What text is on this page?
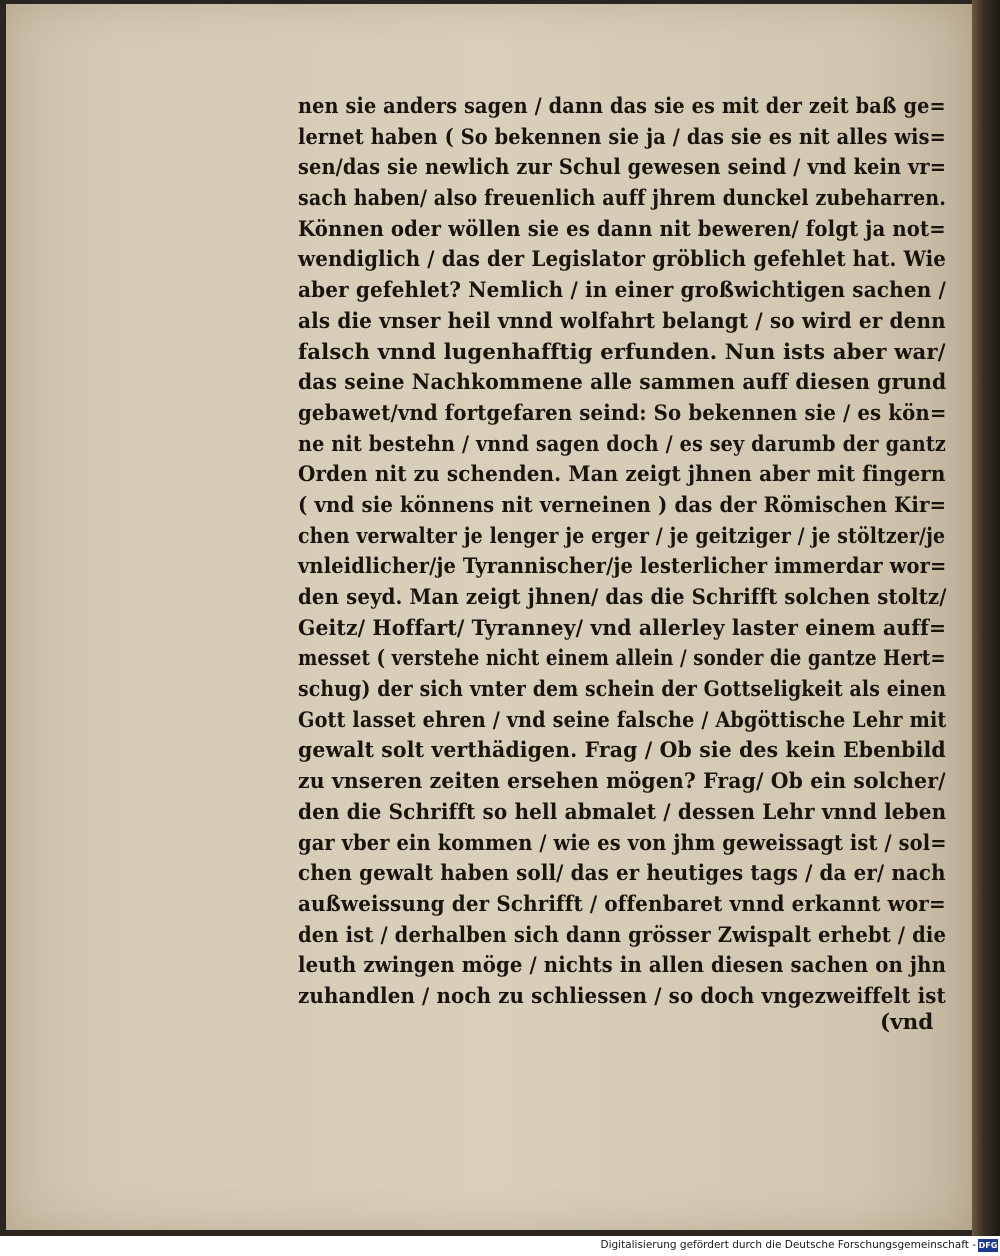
nen sie anders sagen / dann das sie es mit der zeit baß ge=
lernet haben ( So bekennen sie ja / das sie es nit alles wis=
sen/das sie newlich zur Schul gewesen seind / vnd kein vr=
sach haben/ also freuenlich auff jhrem dunckel zubeharren.
Können oder wöllen sie es dann nit beweren/ folgt ja not=
wendiglich / das der Legislator gröblich gefehlet hat. Wie
aber gefehlet? Nemlich / in einer großwichtigen sachen /
als die vnser heil vnnd wolfahrt belangt / so wird er denn
falsch vnnd lugenhafftig erfunden. Nun ists aber war/
das seine Nachkommene alle sammen auff diesen grund
gebawet/vnd fortgefaren seind: So bekennen sie / es kön=
ne nit bestehn / vnnd sagen doch / es sey darumb der gantz
Orden nit zu schenden. Man zeigt jhnen aber mit fingern
( vnd sie könnens nit verneinen ) das der Römischen Kir=
chen verwalter je lenger je erger / je geitziger / je stöltzer/je
vnleidlicher/je Tyrannischer/je lesterlicher immerdar wor=
den seyd. Man zeigt jhnen/ das die Schrifft solchen stoltz/
Geitz/ Hoffart/ Tyranney/ vnd allerley laster einem auff=
messet ( verstehe nicht einem allein / sonder die gantze Hert=
schug) der sich vnter dem schein der Gottseligkeit als einen
Gott lasset ehren / vnd seine falsche / Abgöttische Lehr mit
gewalt solt verthädigen. Frag / Ob sie des kein Ebenbild
zu vnseren zeiten ersehen mögen? Frag/ Ob ein solcher/
den die Schrifft so hell abmalet / dessen Lehr vnnd leben
gar vber ein kommen / wie es von jhm geweissagt ist / sol=
chen gewalt haben soll/ das er heutiges tags / da er/ nach
außweissung der Schrifft / offenbaret vnnd erkannt wor=
den ist / derhalben sich dann grösser Zwispalt erhebt / die
leuth zwingen möge / nichts in allen diesen sachen on jhn
zuhandlen / noch zu schliessen / so doch vngezweiffelt ist
(vnd
Digitalisierung gefördert durch die Deutsche Forschungsgemeinschaft - DFG
